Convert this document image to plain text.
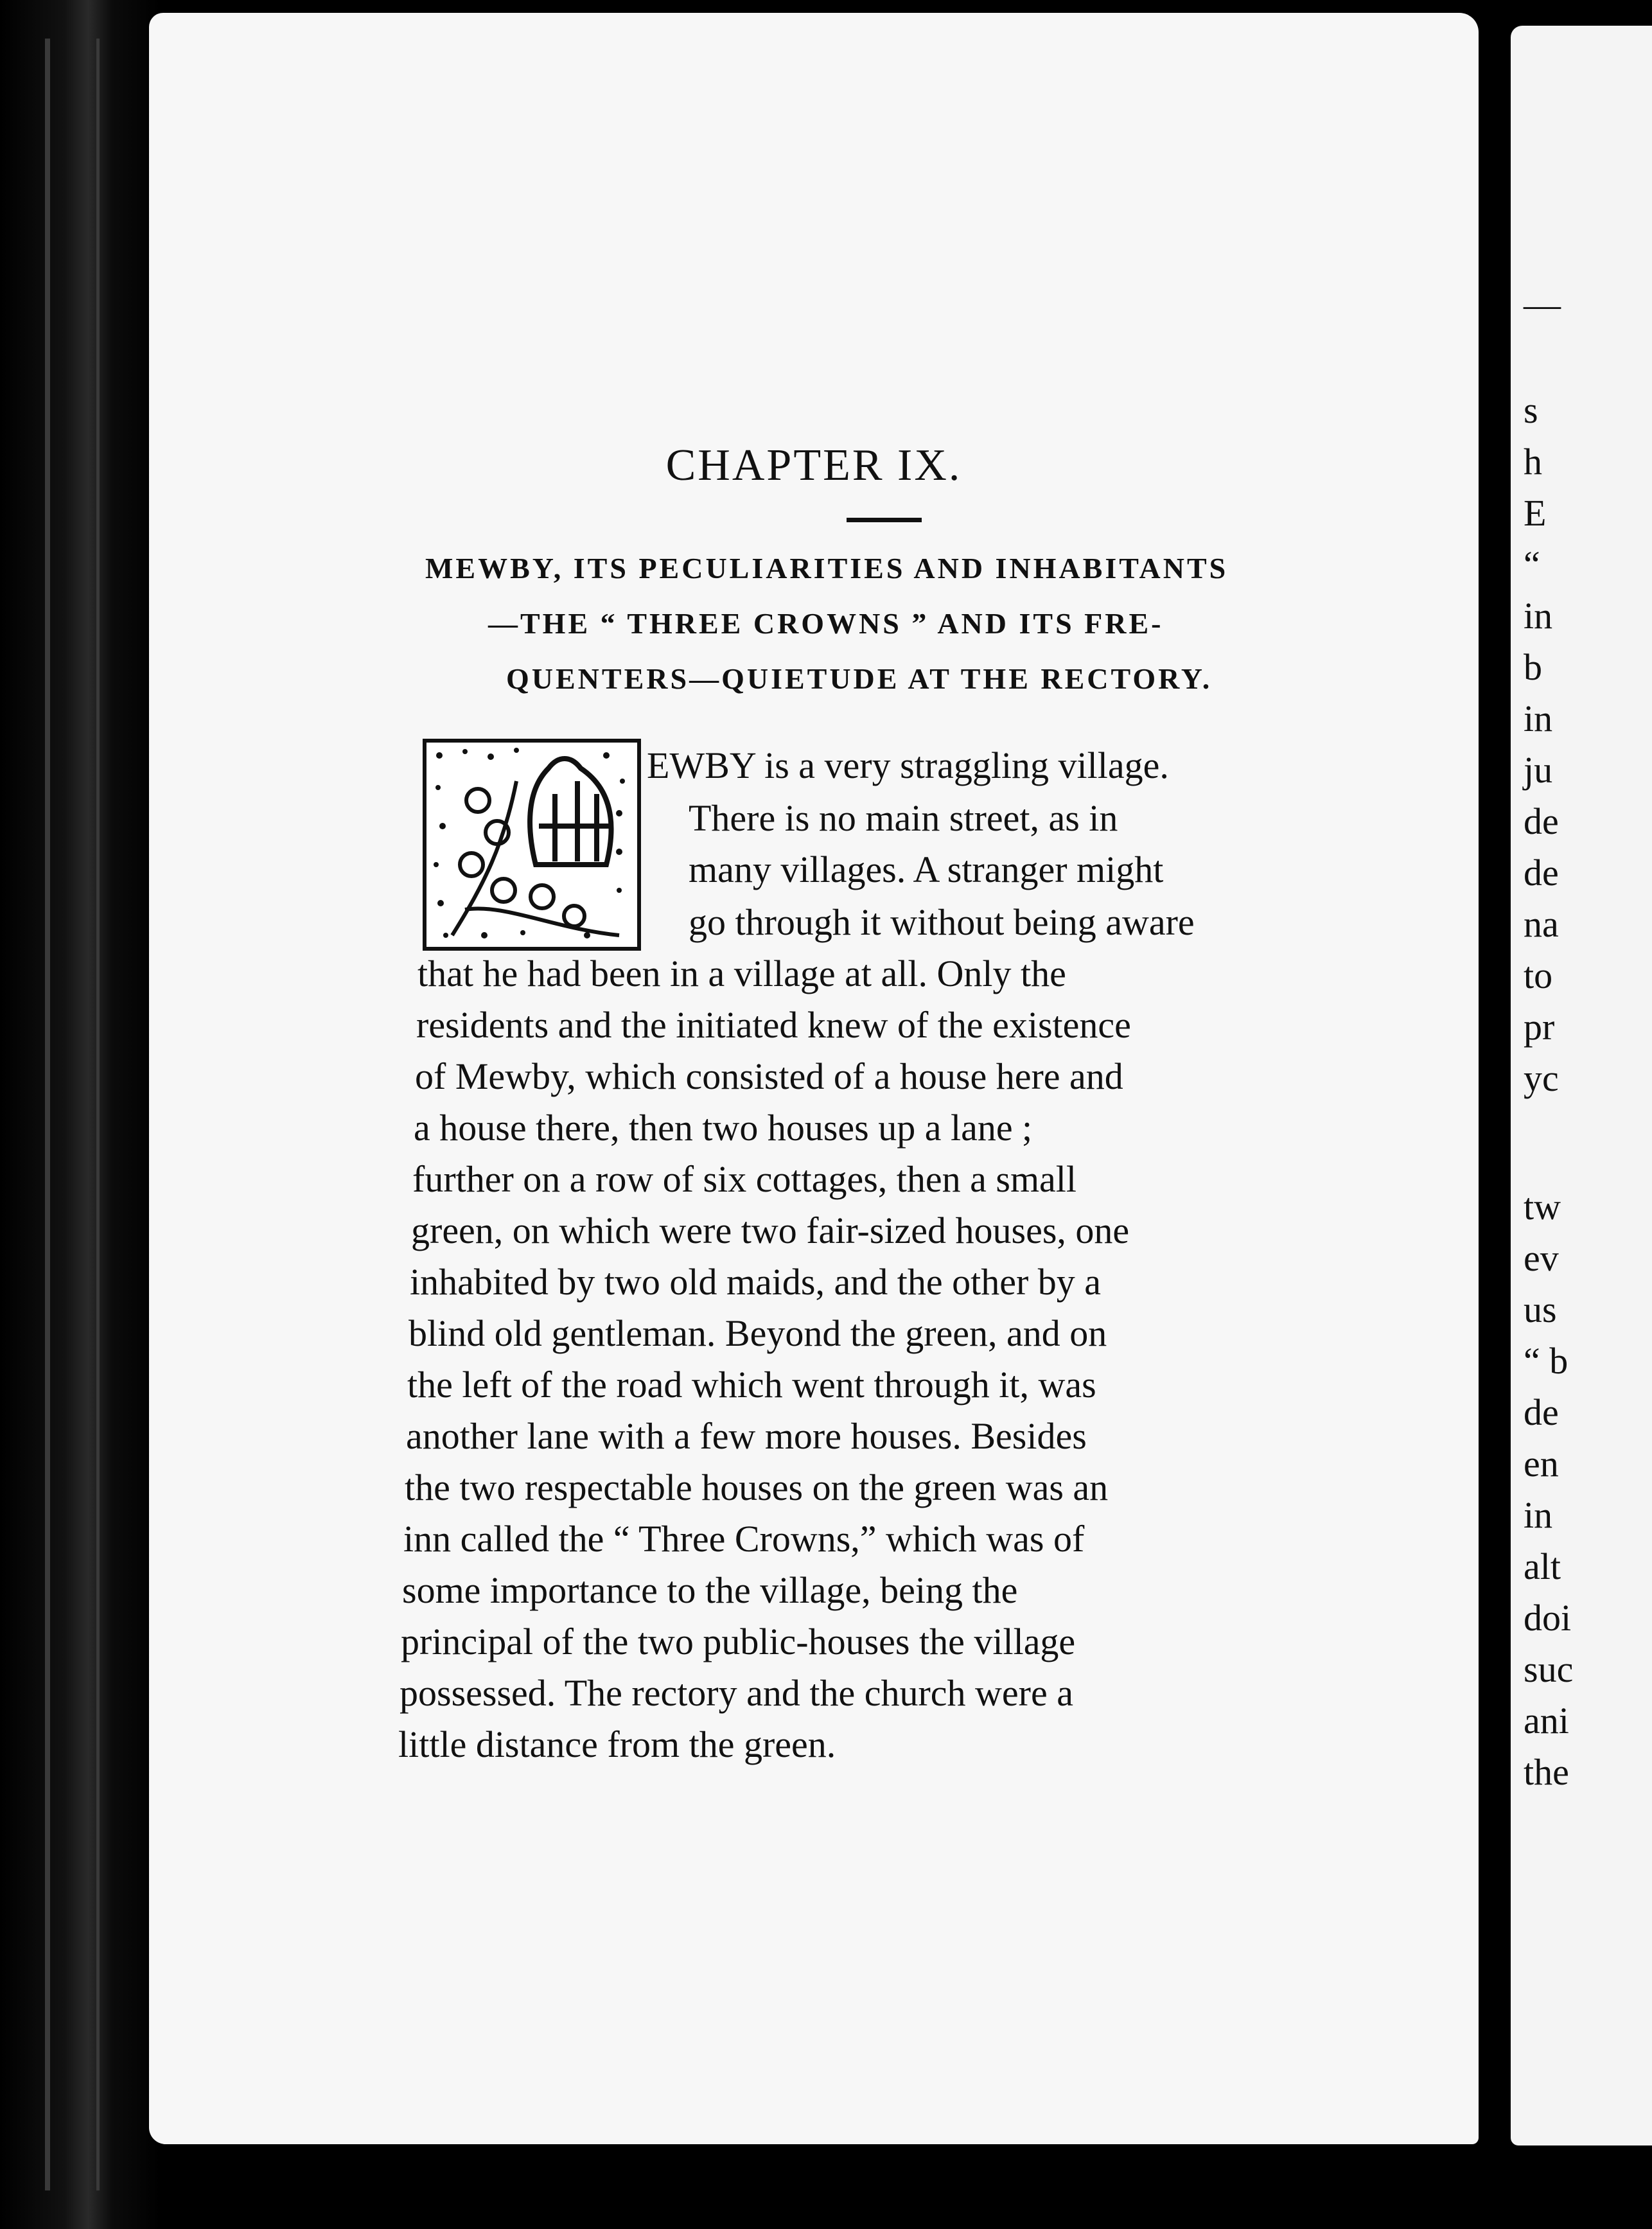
CHAPTER IX.
MEWBY, ITS PECULIARITIES AND INHABITANTS
—THE “ THREE CROWNS ” AND ITS FRE-
QUENTERS—QUIETUDE AT THE RECTORY.
EWBY is a very straggling village.
There is no main street, as in
many villages. A stranger might
go through it without being aware
that he had been in a village at all. Only the
residents and the initiated knew of the existence
of Mewby, which consisted of a house here and
a house there, then two houses up a lane ;
further on a row of six cottages, then a small
green, on which were two fair-sized houses, one
inhabited by two old maids, and the other by a
blind old gentleman. Beyond the green, and on
the left of the road which went through it, was
another lane with a few more houses. Besides
the two respectable houses on the green was an
inn called the “ Three Crowns,” which was of
some importance to the village, being the
principal of the two public-houses the village
possessed. The rectory and the church were a
little distance from the green.
—
s
h
E
“
in
b
in
ju
de
de
na
to
pr
yc
tw
ev
us
“ b
de
en
in
alt
doi
suc
ani
the
